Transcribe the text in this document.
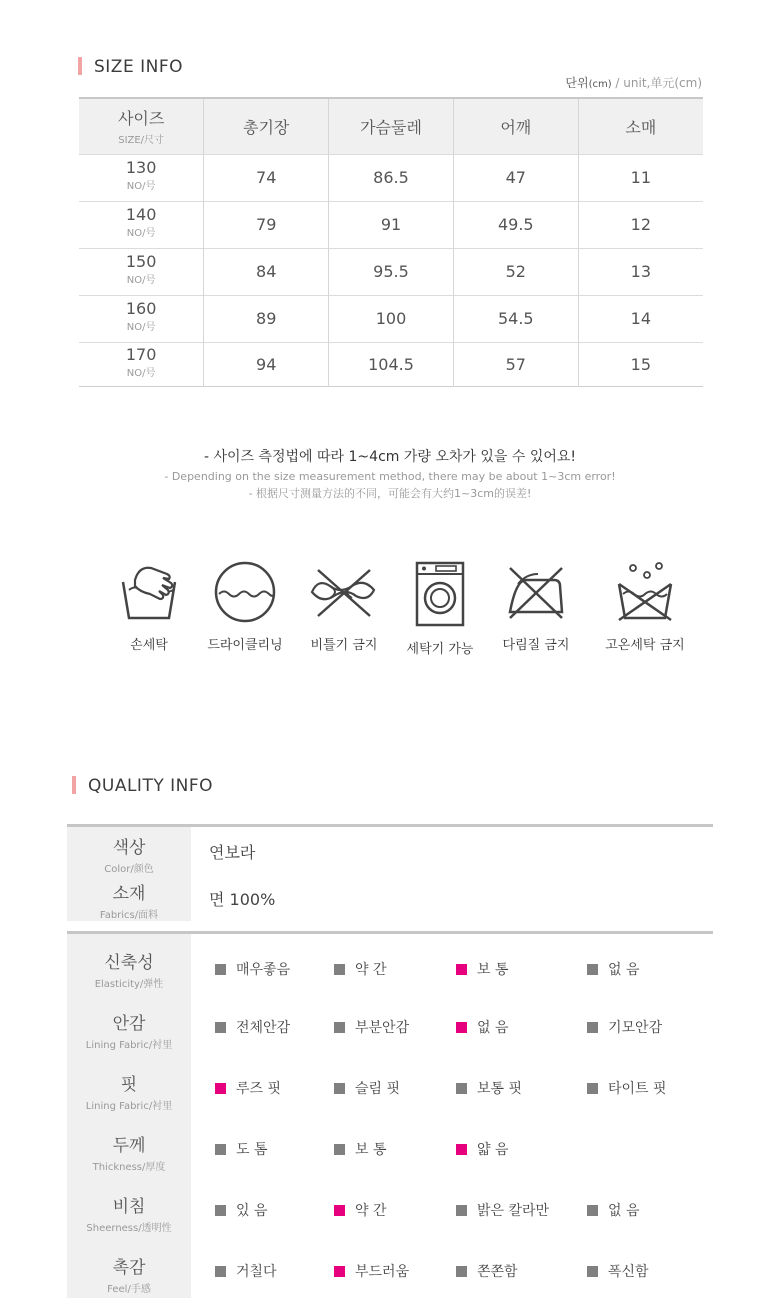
SIZE INFO
단위(cm) / unit,单元(cm)
사이즈
SIZE/尺寸	총기장	가슴둘레	어깨	소매
130
NO/号	74	86.5	47	11
140
NO/号	79	91	49.5	12
150
NO/号	84	95.5	52	13
160
NO/号	89	100	54.5	14
170
NO/号	94	104.5	57	15
- 사이즈 측정법에 따라 1~4cm 가량 오차가 있을 수 있어요!
- Depending on the size measurement method, there may be about 1~3cm error!
- 根据尺寸测量方法的不同，可能会有大约1~3cm的误差!
손세탁	드라이클리닝	비틀기 금지	세탁기 가능	다림질 금지	고온세탁 금지
QUALITY INFO
색상
Color/颜色
연보라
소재
Fabrics/面料
면 100%
신축성
Elasticity/弹性
매우좋음	약 간	보 통	없 음
안감
Lining Fabric/衬里
전체안감	부분안감	없 음	기모안감
핏
Lining Fabric/衬里
루즈 핏	슬림 핏	보통 핏	타이트 핏
두께
Thickness/厚度
도 톰	보 통	얇 음
비침
Sheerness/透明性
있 음	약 간	밝은 칼라만	없 음
촉감
Feel/手感
거칠다	부드러움	쫀쫀함	폭신함
